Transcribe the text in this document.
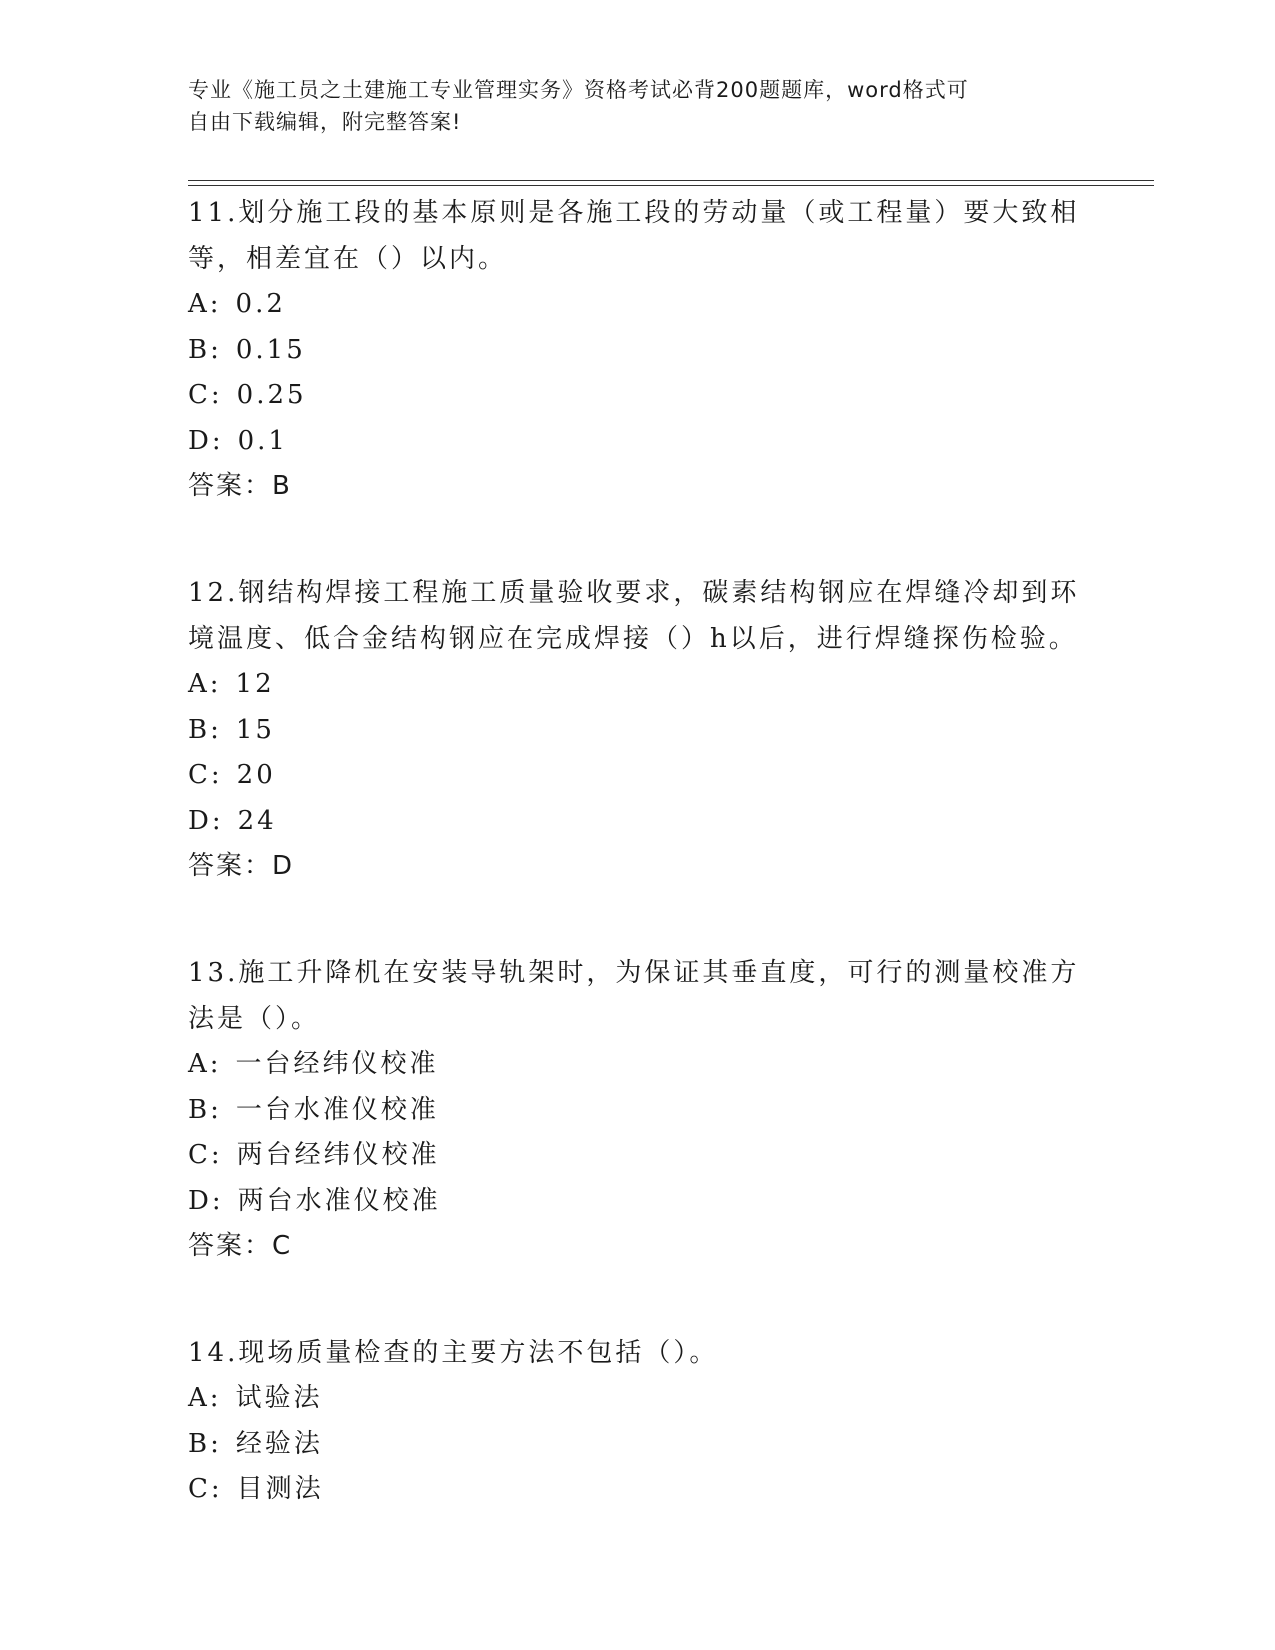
专业《施工员之土建施工专业管理实务》资格考试必背200题题库，word格式可
自由下载编辑，附完整答案!

11.划分施工段的基本原则是各施工段的劳动量（或工程量）要大致相
等，相差宜在（）以内。

A: 0.2

B: 0.15

C: 0.25

D: 0.1

答案：B

12.钢结构焊接工程施工质量验收要求，碳素结构钢应在焊缝冷却到环
境温度、低合金结构钢应在完成焊接（）h以后，进行焊缝探伤检验。

A: 12

B: 15

C: 20

D: 24

答案：D

13.施工升降机在安装导轨架时，为保证其垂直度，可行的测量校准方
法是（）。

A: 一台经纬仪校准

B: 一台水准仪校准

C: 两台经纬仪校准

D: 两台水准仪校准

答案：C

14.现场质量检查的主要方法不包括（）。

A: 试验法

B: 经验法

C: 目测法
